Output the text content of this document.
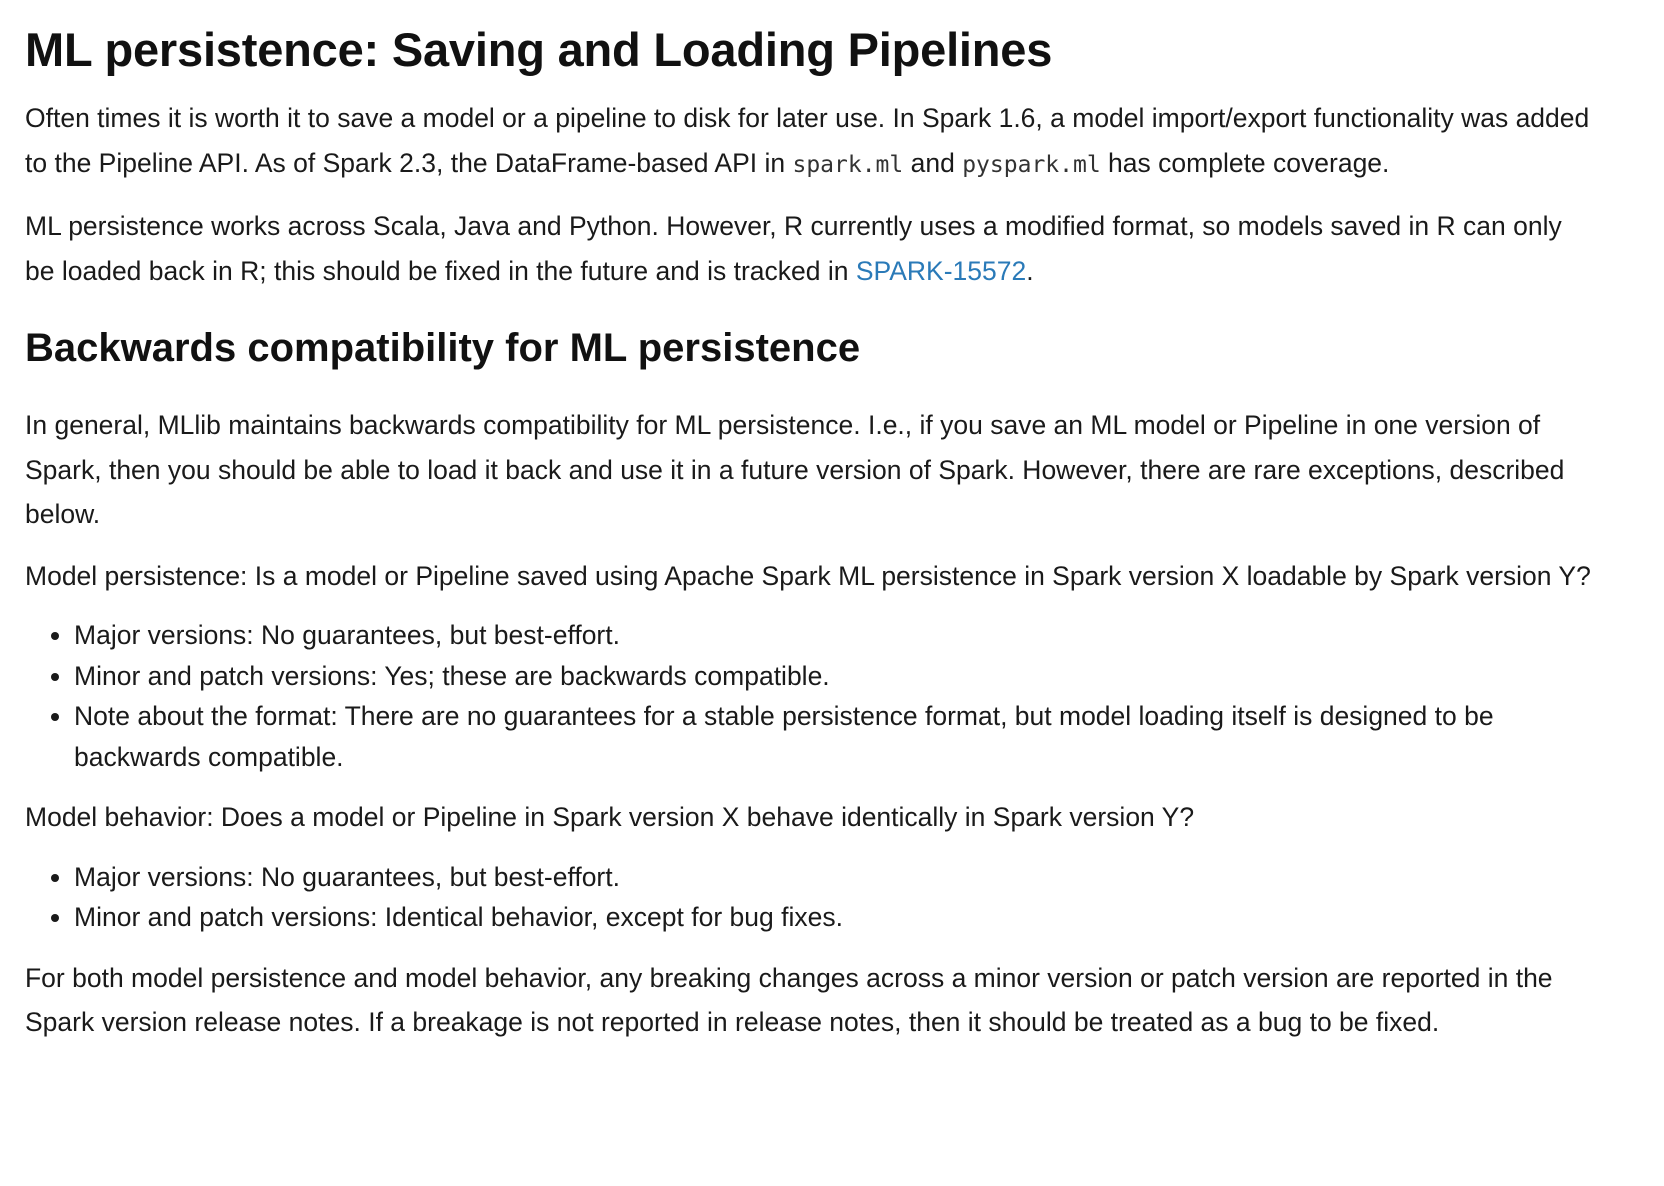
ML persistence: Saving and Loading Pipelines

Often times it is worth it to save a model or a pipeline to disk for later use. In Spark 1.6, a model import/export functionality was added to the Pipeline API. As of Spark 2.3, the DataFrame-based API in spark.ml and pyspark.ml has complete coverage.

ML persistence works across Scala, Java and Python. However, R currently uses a modified format, so models saved in R can only be loaded back in R; this should be fixed in the future and is tracked in SPARK-15572.

Backwards compatibility for ML persistence

In general, MLlib maintains backwards compatibility for ML persistence. I.e., if you save an ML model or Pipeline in one version of Spark, then you should be able to load it back and use it in a future version of Spark. However, there are rare exceptions, described below.

Model persistence: Is a model or Pipeline saved using Apache Spark ML persistence in Spark version X loadable by Spark version Y?

• Major versions: No guarantees, but best-effort.
• Minor and patch versions: Yes; these are backwards compatible.
• Note about the format: There are no guarantees for a stable persistence format, but model loading itself is designed to be backwards compatible.

Model behavior: Does a model or Pipeline in Spark version X behave identically in Spark version Y?

• Major versions: No guarantees, but best-effort.
• Minor and patch versions: Identical behavior, except for bug fixes.

For both model persistence and model behavior, any breaking changes across a minor version or patch version are reported in the Spark version release notes. If a breakage is not reported in release notes, then it should be treated as a bug to be fixed.
